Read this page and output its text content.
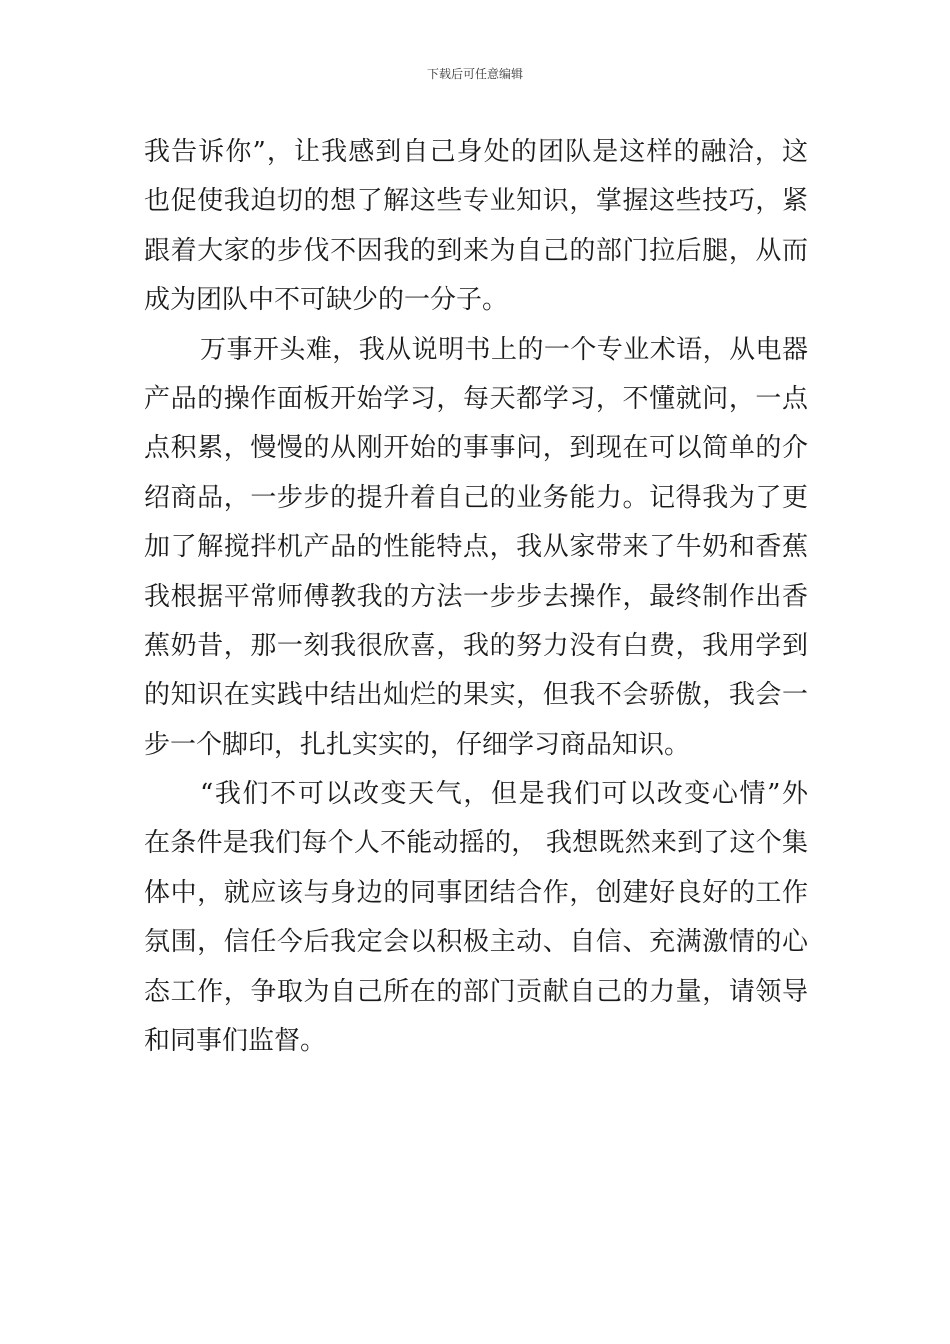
下载后可任意编辑
我告诉你”，让我感到自己身处的团队是这样的融洽，这
也促使我迫切的想了解这些专业知识，掌握这些技巧，紧
跟着大家的步伐不因我的到来为自己的部门拉后腿，从而
成为团队中不可缺少的一分子。
万事开头难，我从说明书上的一个专业术语，从电器
产品的操作面板开始学习，每天都学习，不懂就问，一点
点积累，慢慢的从刚开始的事事问，到现在可以简单的介
绍商品，一步步的提升着自己的业务能力。记得我为了更
加了解搅拌机产品的性能特点，我从家带来了牛奶和香蕉
我根据平常师傅教我的方法一步步去操作，最终制作出香
蕉奶昔，那一刻我很欣喜，我的努力没有白费，我用学到
的知识在实践中结出灿烂的果实，但我不会骄傲，我会一
步一个脚印，扎扎实实的，仔细学习商品知识。
“我们不可以改变天气，但是我们可以改变心情”外
在条件是我们每个人不能动摇的， 我想既然来到了这个集
体中，就应该与身边的同事团结合作，创建好良好的工作
氛围，信任今后我定会以积极主动、自信、充满激情的心
态工作，争取为自己所在的部门贡献自己的力量，请领导
和同事们监督。
